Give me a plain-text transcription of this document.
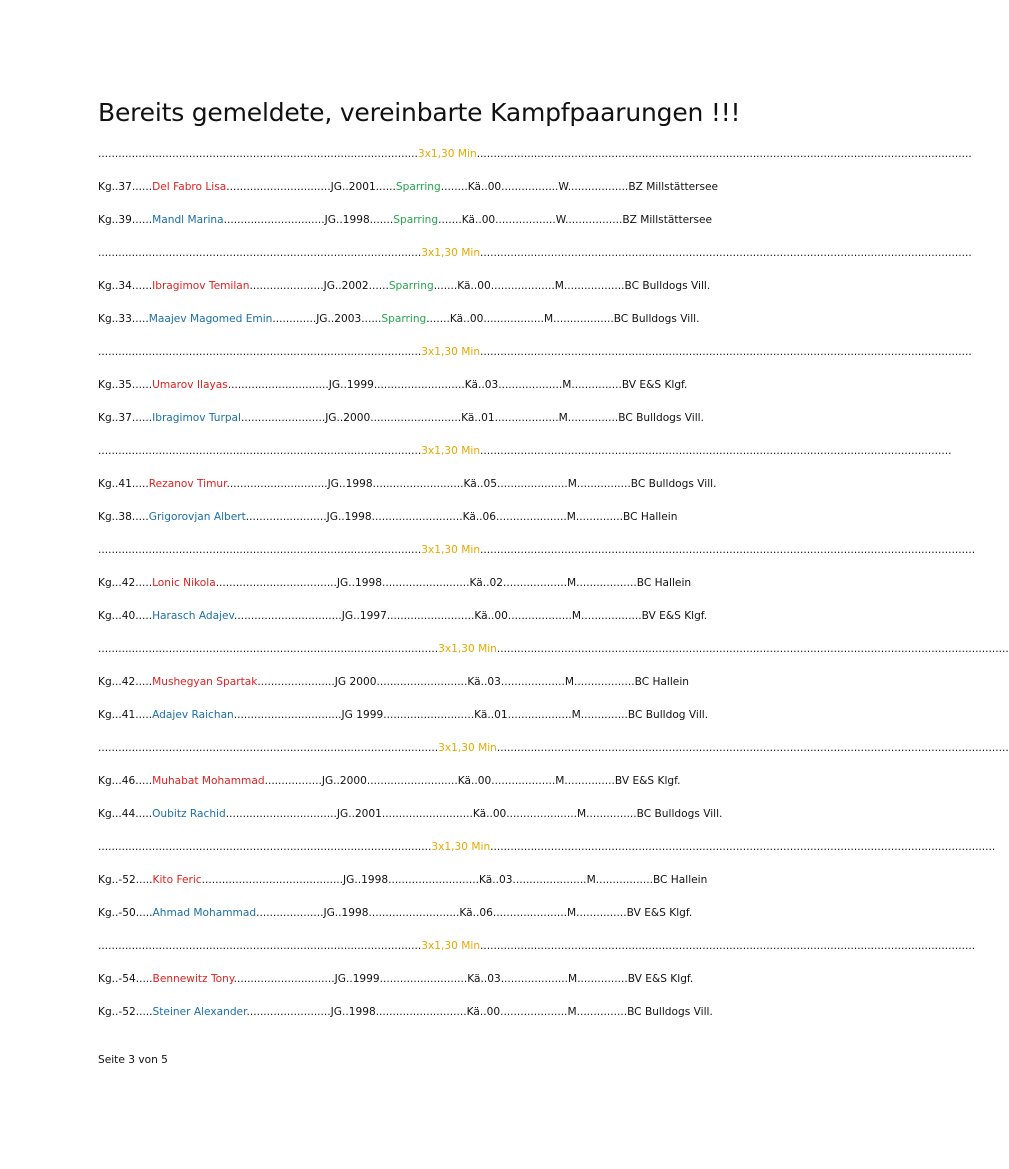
Bereits gemeldete, vereinbarte Kampfpaarungen !!!
...............................................................................................3x1,30 Min...................................................................................................................................................
Kg..37......Del Fabro Lisa...............................JG..2001......Sparring........Kä..00.................W..................BZ Millstättersee
Kg..39......Mandl Marina..............................JG..1998.......Sparring.......Kä..00..................W.................BZ Millstättersee
................................................................................................3x1,30 Min..................................................................................................................................................
Kg..34......Ibragimov Temilan......................JG..2002......Sparring.......Kä..00...................M..................BC Bulldogs Vill.
Kg..33.....Maajev Magomed Emin.............JG..2003......Sparring.......Kä..00..................M..................BC Bulldogs Vill.
................................................................................................3x1,30 Min..................................................................................................................................................
Kg..35......Umarov Ilayas..............................JG..1999...........................Kä..03...................M...............BV E&S Klgf.
Kg..37......Ibragimov Turpal.........................JG..2000...........................Kä..01...................M...............BC Bulldogs Vill.
................................................................................................3x1,30 Min............................................................................................................................................
Kg..41.....Rezanov Timur..............................JG..1998...........................Kä..05.....................M................BC Bulldogs Vill.
Kg..38.....Grigorovjan Albert........................JG..1998...........................Kä..06.....................M..............BC Hallein
................................................................................................3x1,30 Min...................................................................................................................................................
Kg...42.....Lonic Nikola....................................JG..1998..........................Kä..02...................M..................BC Hallein
Kg...40.....Harasch Adajev................................JG..1997..........................Kä..00...................M..................BV E&S Klgf.
.....................................................................................................3x1,30 Min........................................................................................................................................................
Kg...42.....Mushegyan Spartak.......................JG 2000...........................Kä..03...................M..................BC Hallein
Kg...41.....Adajev Raichan................................JG 1999...........................Kä..01...................M..............BC Bulldog Vill.
.....................................................................................................3x1,30 Min........................................................................................................................................................
Kg...46.....Muhabat Mohammad.................JG..2000...........................Kä..00...................M...............BV E&S Klgf.
Kg...44.....Oubitz Rachid.................................JG..2001...........................Kä..00.....................M...............BC Bulldogs Vill.
...................................................................................................3x1,30 Min......................................................................................................................................................
Kg..-52.....Kito Feric..........................................JG..1998...........................Kä..03......................M.................BC Hallein
Kg..-50.....Ahmad Mohammad....................JG..1998...........................Kä..06......................M...............BV E&S Klgf.
................................................................................................3x1,30 Min...................................................................................................................................................
Kg..-54.....Bennewitz Tony..............................JG..1999..........................Kä..03....................M...............BV E&S Klgf.
Kg..-52.....Steiner Alexander.........................JG..1998...........................Kä..00....................M...............BC Bulldogs Vill.
Seite 3 von 5
